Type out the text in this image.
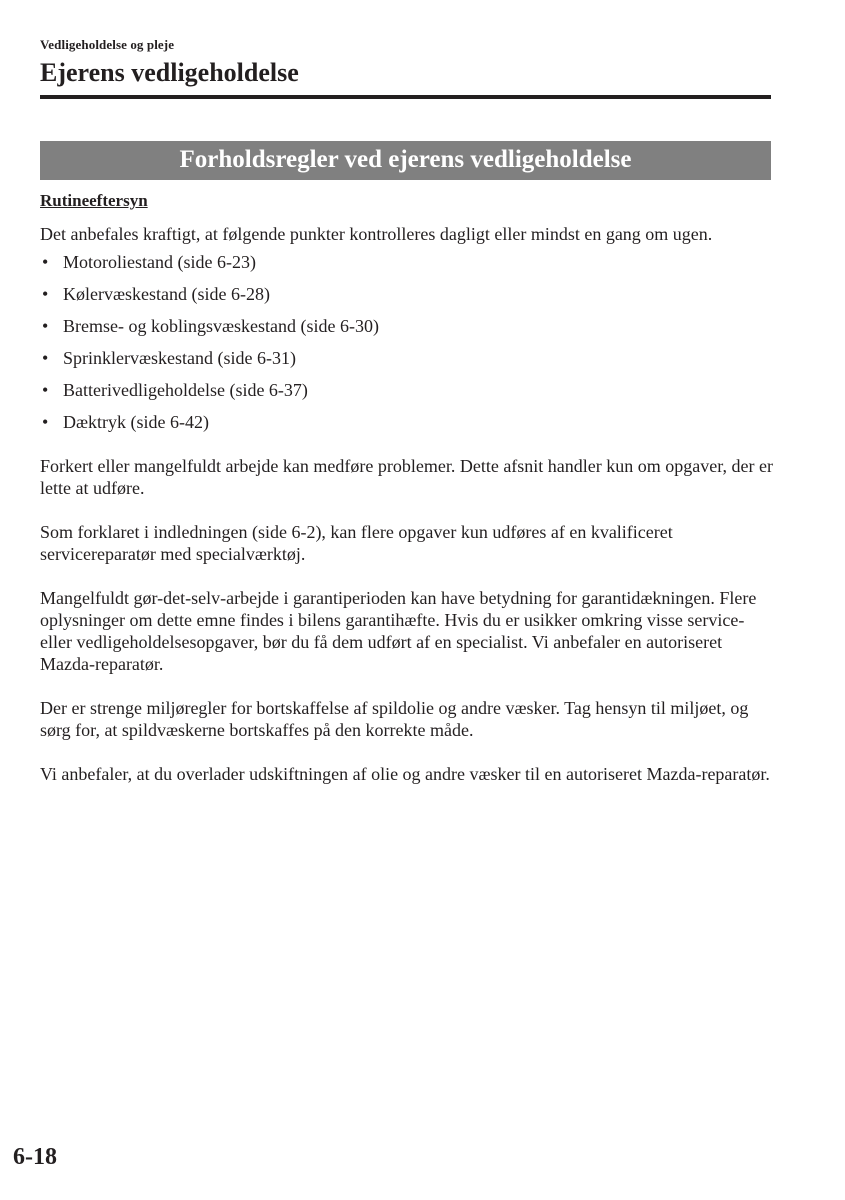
Vedligeholdelse og pleje
Ejerens vedligeholdelse
Forholdsregler ved ejerens vedligeholdelse
Rutineeftersyn

Det anbefales kraftigt, at følgende punkter kontrolleres dagligt eller mindst en gang om ugen.

• Motoroliestand (side 6-23)
• Kølervæskestand (side 6-28)
• Bremse- og koblingsvæskestand (side 6-30)
• Sprinklervæskestand (side 6-31)
• Batterivedligeholdelse (side 6-37)
• Dæktryk (side 6-42)

Forkert eller mangelfuldt arbejde kan medføre problemer. Dette afsnit handler kun om opgaver, der er lette at udføre.

Som forklaret i indledningen (side 6-2), kan flere opgaver kun udføres af en kvalificeret servicereparatør med specialværktøj.

Mangelfuldt gør-det-selv-arbejde i garantiperioden kan have betydning for garantidækningen. Flere oplysninger om dette emne findes i bilens garantihæfte. Hvis du er usikker omkring visse service- eller vedligeholdelsesopgaver, bør du få dem udført af en specialist. Vi anbefaler en autoriseret Mazda-reparatør.

Der er strenge miljøregler for bortskaffelse af spildolie og andre væsker. Tag hensyn til miljøet, og sørg for, at spildvæskerne bortskaffes på den korrekte måde.

Vi anbefaler, at du overlader udskiftningen af olie og andre væsker til en autoriseret Mazda-reparatør.

6-18
